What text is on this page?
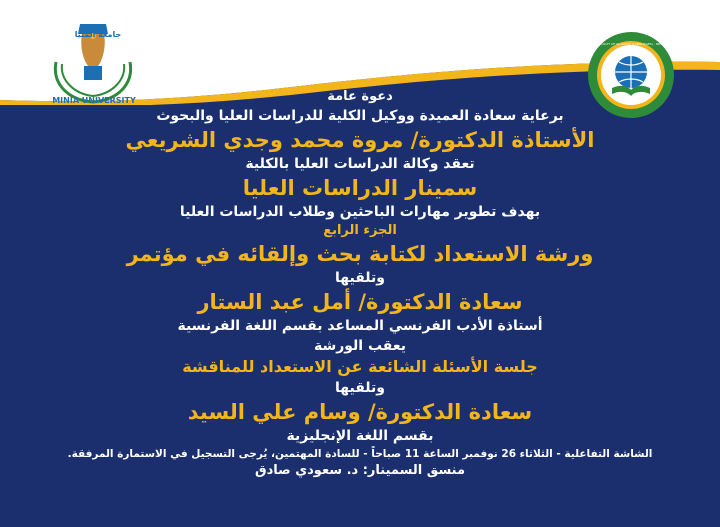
جامعة المنيا
MINIA UNIVERSITY
FACULTY OF AL-ALSUN (LANGUAGES) - MINIA UNIVERSITY
دعوة عامة
برعاية سعادة العميدة ووكيل الكلية للدراسات العليا والبحوث
الأستاذة الدكتورة/ مروة محمد وجدي الشريعي
تعقد وكالة الدراسات العليا بالكلية
سمينار الدراسات العليا
بهدف تطوير مهارات الباحثين وطلاب الدراسات العليا
الجزء الرابع
ورشة الاستعداد لكتابة بحث وإلقائه في مؤتمر
وتلقيها
سعادة الدكتورة/ أمل عبد الستار
أستاذة الأدب الفرنسي المساعد بقسم اللغة الفرنسية
يعقب الورشة
جلسة الأسئلة الشائعة عن الاستعداد للمناقشة
وتلقيها
سعادة الدكتورة/ وسام علي السيد
بقسم اللغة الإنجليزية
الشاشة التفاعلية - الثلاثاء 26 نوفمبر الساعة 11 صباحاً - للسادة المهتمين، يُرجى التسجيل في الاستمارة المرفقة.
منسق السمينار: د. سعودي صادق
